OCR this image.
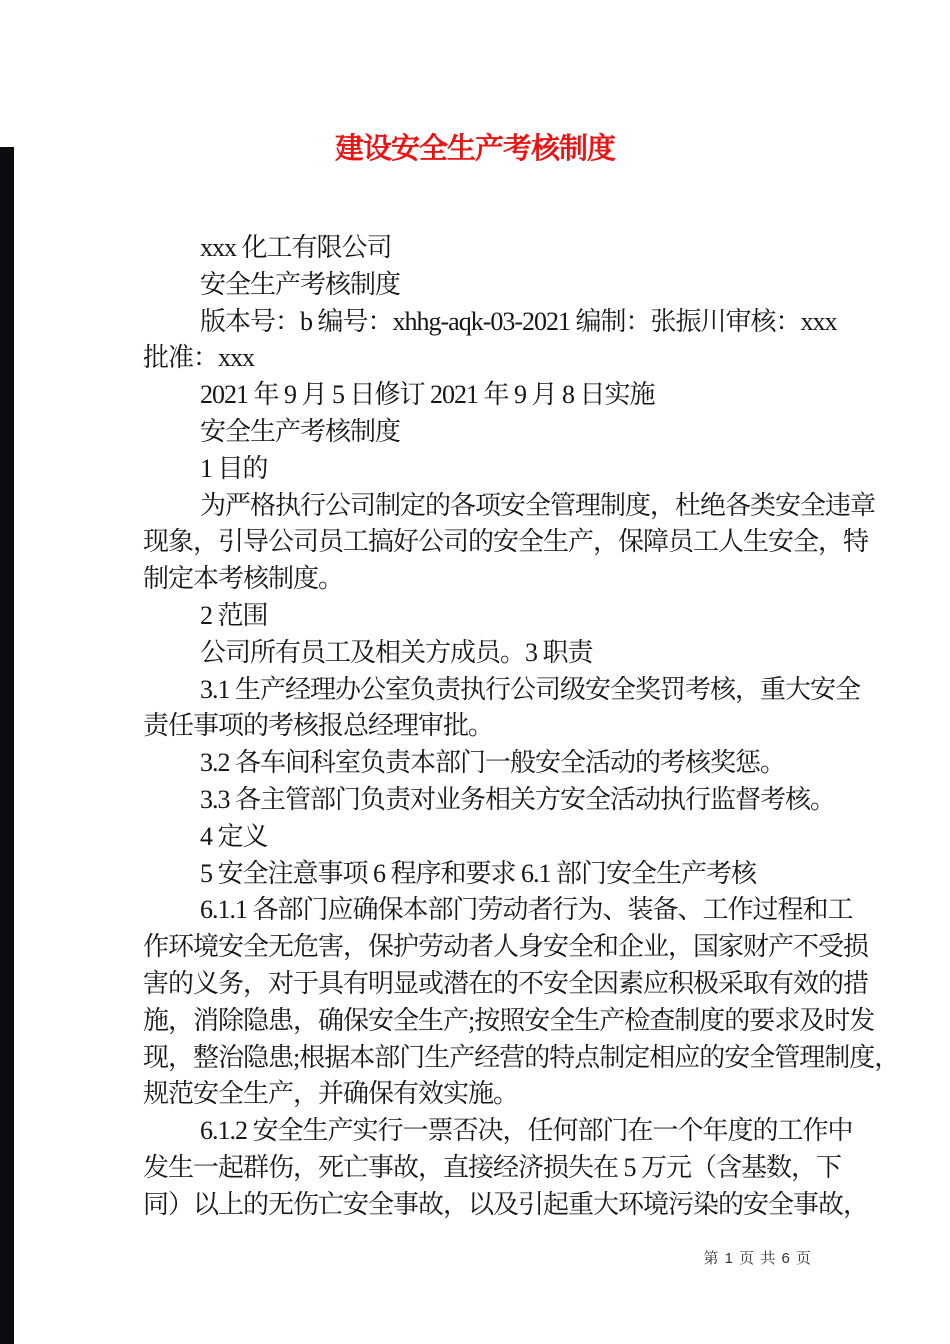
建设安全生产考核制度
xxx 化工有限公司
安全生产考核制度
版本号：b 编号：xhhg-aqk-03-2021 编制：张振川审核：xxx
批准：xxx
2021 年 9 月 5 日修订 2021 年 9 月 8 日实施
安全生产考核制度
1 目的
为严格执行公司制定的各项安全管理制度，杜绝各类安全违章
现象，引导公司员工搞好公司的安全生产，保障员工人生安全，特
制定本考核制度。
2 范围
公司所有员工及相关方成员。3 职责
3.1 生产经理办公室负责执行公司级安全奖罚考核，重大安全
责任事项的考核报总经理审批。
3.2 各车间科室负责本部门一般安全活动的考核奖惩。
3.3 各主管部门负责对业务相关方安全活动执行监督考核。
4 定义
5 安全注意事项 6 程序和要求 6.1 部门安全生产考核
6.1.1 各部门应确保本部门劳动者行为、装备、工作过程和工
作环境安全无危害，保护劳动者人身安全和企业，国家财产不受损
害的义务，对于具有明显或潜在的不安全因素应积极采取有效的措
施，消除隐患，确保安全生产;按照安全生产检查制度的要求及时发
现，整治隐患;根据本部门生产经营的特点制定相应的安全管理制度，
规范安全生产，并确保有效实施。
6.1.2 安全生产实行一票否决，任何部门在一个年度的工作中
发生一起群伤，死亡事故，直接经济损失在 5 万元（含基数，下
同）以上的无伤亡安全事故，以及引起重大环境污染的安全事故，
第 1 页 共 6 页
